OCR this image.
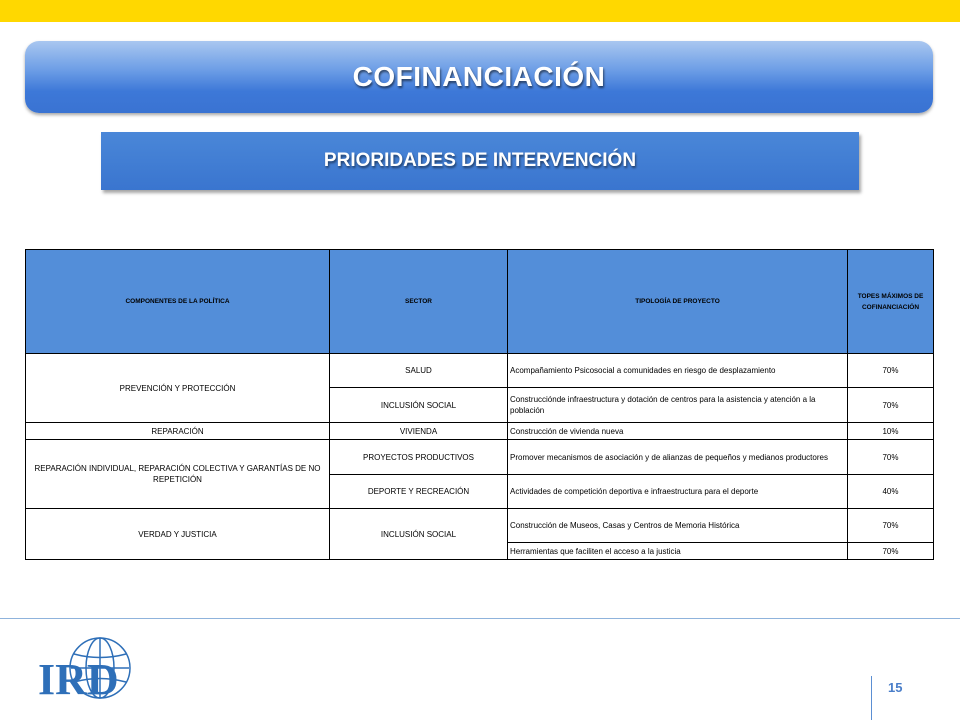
COFINANCIACIÓN
PRIORIDADES DE INTERVENCIÓN
COMPONENTES DE LA POLÍTICA	SECTOR	TIPOLOGÍA DE PROYECTO	TOPES MÁXIMOS DE COFINANCIACIÓN
PREVENCIÓN Y PROTECCIÓN	SALUD	Acompañamiento Psicosocial a comunidades en riesgo de desplazamiento	70%
	INCLUSIÓN SOCIAL	Construcciónde infraestructura y dotación de centros para la asistencia y atención a la población	70%
REPARACIÓN	VIVIENDA	Construcción de vivienda nueva	10%
REPARACIÓN INDIVIDUAL, REPARACIÓN COLECTIVA Y GARANTÍAS DE NO REPETICIÓN	PROYECTOS PRODUCTIVOS	Promover mecanismos de asociación y de alianzas de pequeños y medianos productores	70%
	DEPORTE Y RECREACIÓN	Actividades de competición deportiva e infraestructura para el deporte	40%
VERDAD Y JUSTICIA	INCLUSIÓN SOCIAL	Construcción de Museos, Casas y Centros de Memoria Histórica	70%
		Herramientas que faciliten el acceso a la justicia	70%
IRD	15
